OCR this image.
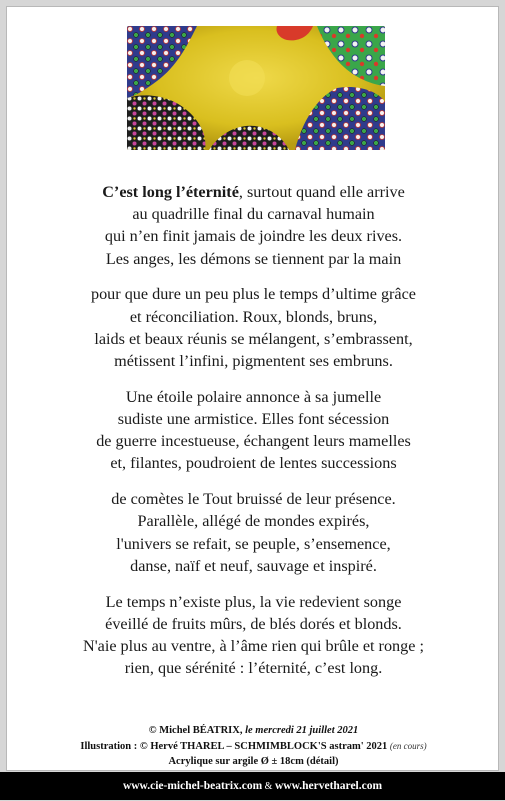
C’est long l’éternité, surtout quand elle arrive
au quadrille final du carnaval humain
qui n’en finit jamais de joindre les deux rives.
Les anges, les démons se tiennent par la main
pour que dure un peu plus le temps d’ultime grâce
et réconciliation. Roux, blonds, bruns,
laids et beaux réunis se mélangent, s’embrassent,
métissent l’infini, pigmentent ses embruns.
Une étoile polaire annonce à sa jumelle
sudiste une armistice. Elles font sécession
de guerre incestueuse, échangent leurs mamelles
et, filantes, poudroient de lentes successions
de comètes le Tout bruissé de leur présence.
Parallèle, allégé de mondes expirés,
l'univers se refait, se peuple, s’ensemence,
danse, naïf et neuf, sauvage et inspiré.
Le temps n’existe plus, la vie redevient songe
éveillé de fruits mûrs, de blés dorés et blonds.
N'aie plus au ventre, à l’âme rien qui brûle et ronge ;
rien, que sérénité : l’éternité, c’est long.
© Michel BÉATRIX, le mercredi 21 juillet 2021
Illustration : © Hervé THAREL – SCHMIMBLOCK'S astram' 2021 (en cours)
Acrylique sur argile Ø ± 18cm (détail)
www.cie-michel-beatrix.com & www.hervetharel.com
